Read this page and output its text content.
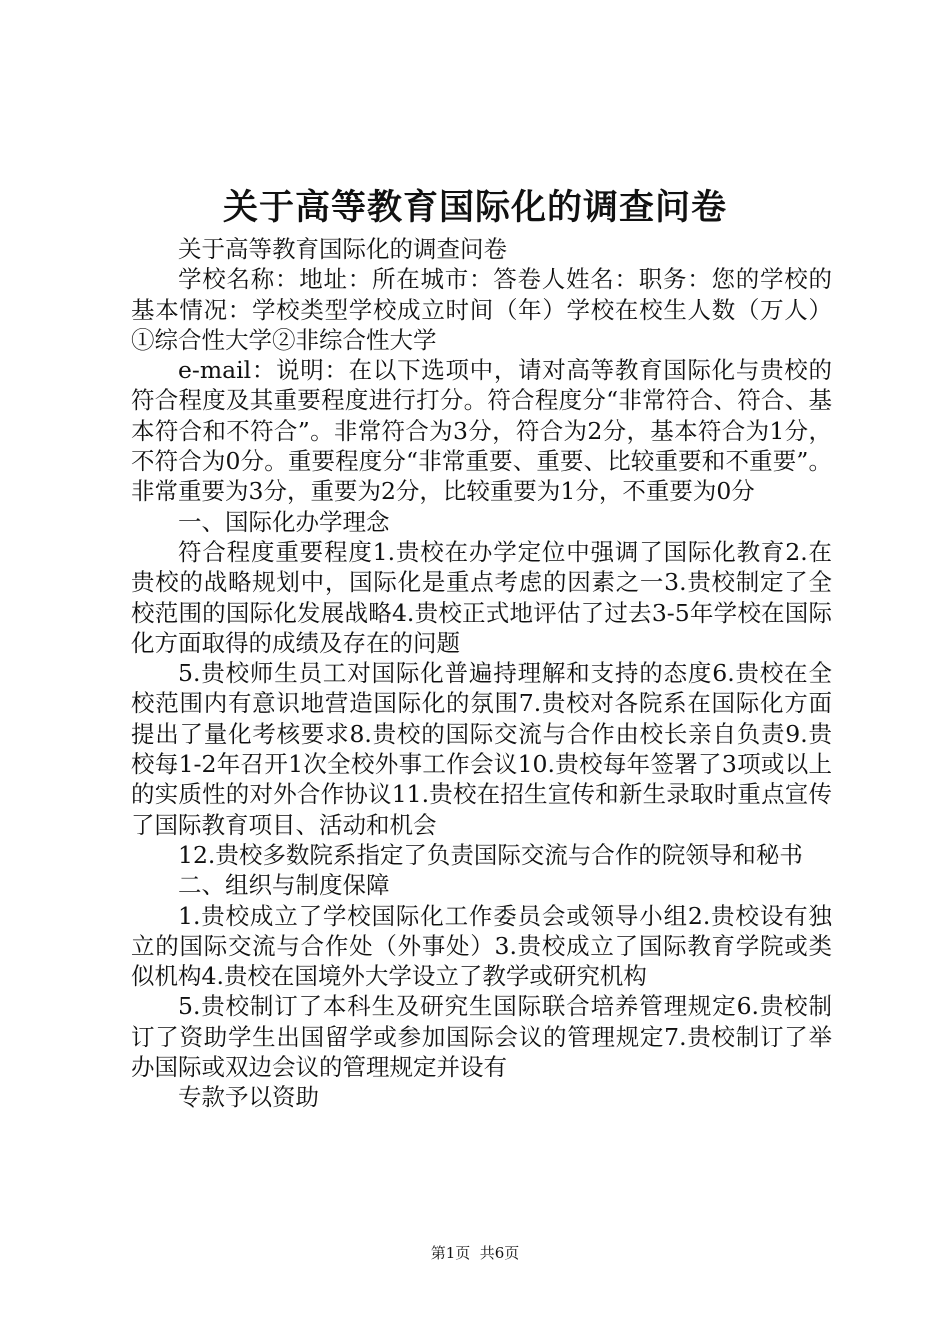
关于高等教育国际化的调查问卷

关于高等教育国际化的调查问卷

学校名称：地址：所在城市：答卷人姓名：职务：您的学校的基本情况：学校类型学校成立时间（年）学校在校生人数（万人）①综合性大学②非综合性大学

e-mail：说明：在以下选项中，请对高等教育国际化与贵校的符合程度及其重要程度进行打分。符合程度分“非常符合、符合、基本符合和不符合”。非常符合为3分，符合为2分，基本符合为1分，不符合为0分。重要程度分“非常重要、重要、比较重要和不重要”。非常重要为3分，重要为2分，比较重要为1分，不重要为0分

一、国际化办学理念

符合程度重要程度1.贵校在办学定位中强调了国际化教育2.在贵校的战略规划中，国际化是重点考虑的因素之一3.贵校制定了全校范围的国际化发展战略4.贵校正式地评估了过去3-5年学校在国际化方面取得的成绩及存在的问题

5.贵校师生员工对国际化普遍持理解和支持的态度6.贵校在全校范围内有意识地营造国际化的氛围7.贵校对各院系在国际化方面提出了量化考核要求8.贵校的国际交流与合作由校长亲自负责9.贵校每1-2年召开1次全校外事工作会议10.贵校每年签署了3项或以上的实质性的对外合作协议11.贵校在招生宣传和新生录取时重点宣传了国际教育项目、活动和机会

12.贵校多数院系指定了负责国际交流与合作的院领导和秘书

二、组织与制度保障

1.贵校成立了学校国际化工作委员会或领导小组2.贵校设有独立的国际交流与合作处（外事处）3.贵校成立了国际教育学院或类似机构4.贵校在国境外大学设立了教学或研究机构

5.贵校制订了本科生及研究生国际联合培养管理规定6.贵校制订了资助学生出国留学或参加国际会议的管理规定7.贵校制订了举办国际或双边会议的管理规定并设有

专款予以资助

第1页  共6页
